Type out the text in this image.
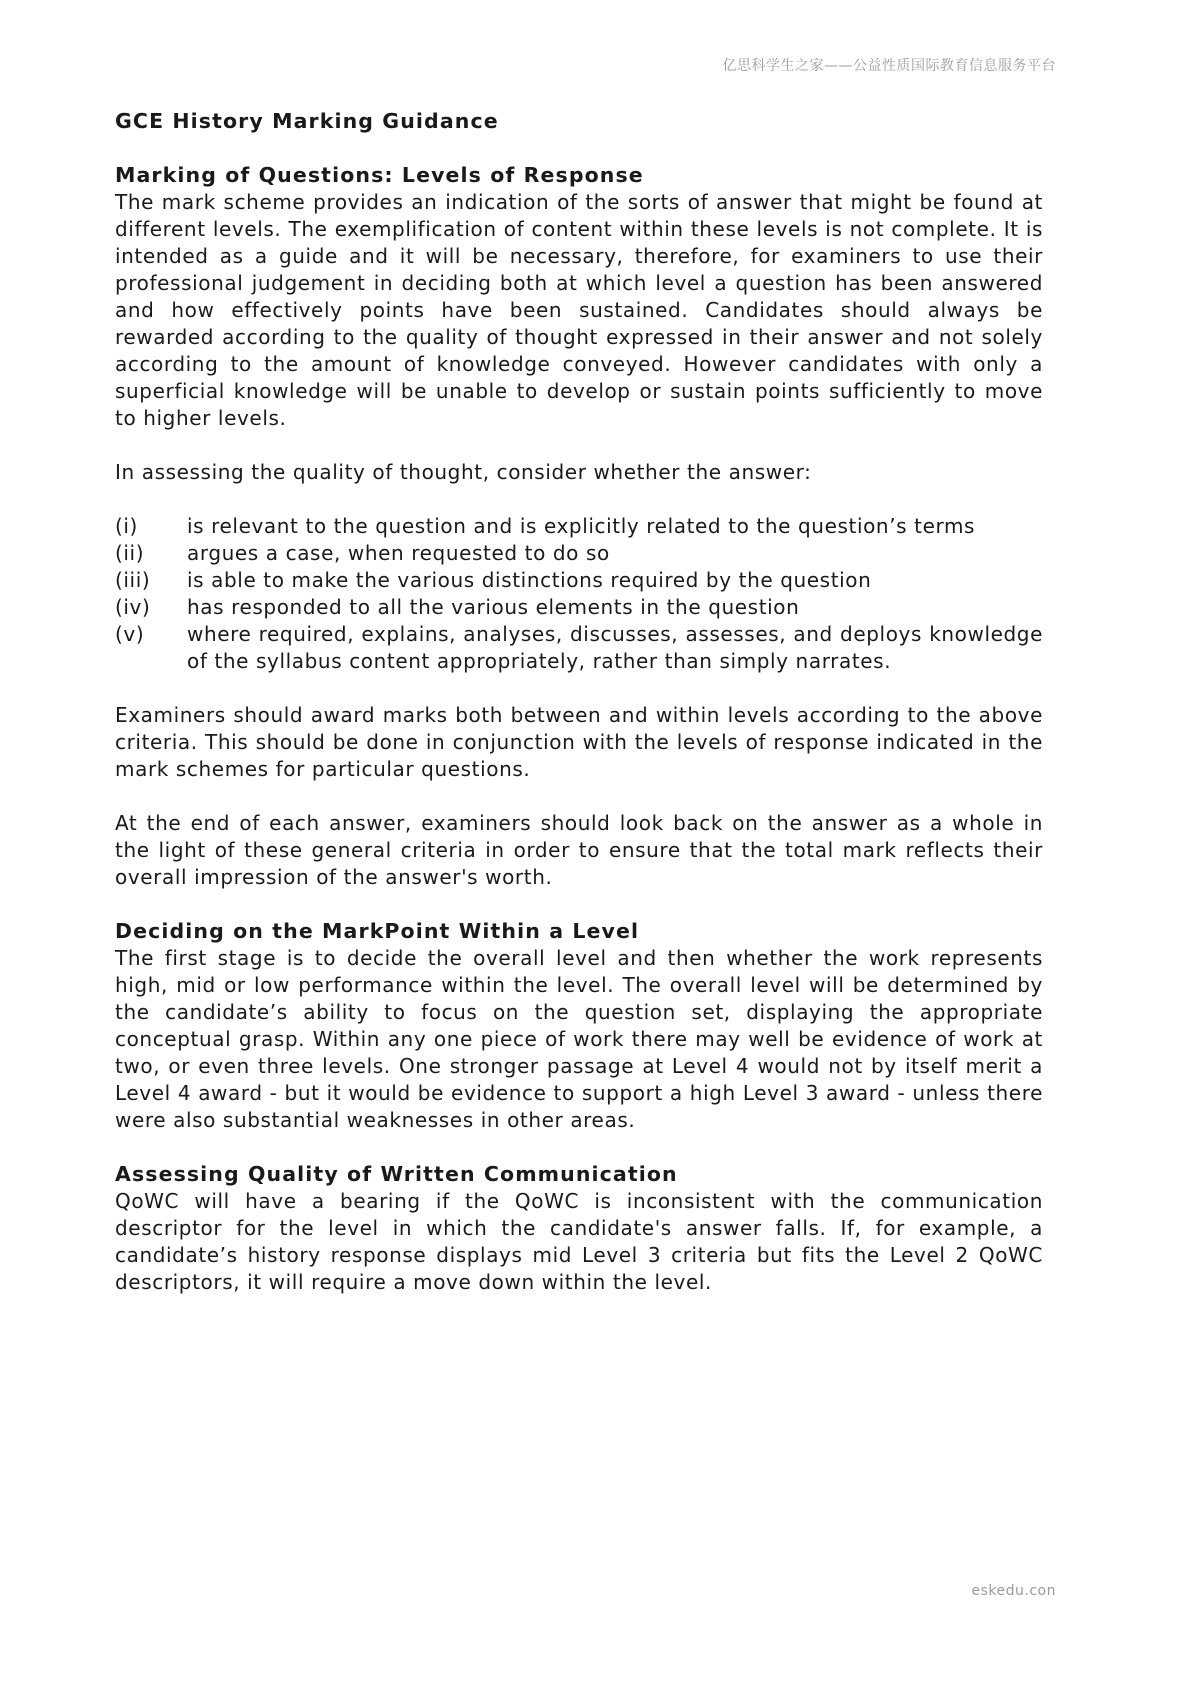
亿思科学生之家——公益性质国际教育信息服务平台
GCE History Marking Guidance
Marking of Questions: Levels of Response

The mark scheme provides an indication of the sorts of answer that might be found at different levels. The exemplification of content within these levels is not complete. It is intended as a guide and it will be necessary, therefore, for examiners to use their professional judgement in deciding both at which level a question has been answered and how effectively points have been sustained. Candidates should always be rewarded according to the quality of thought expressed in their answer and not solely according to the amount of knowledge conveyed. However candidates with only a superficial knowledge will be unable to develop or sustain points sufficiently to move to higher levels.

In assessing the quality of thought, consider whether the answer:

(i)	is relevant to the question and is explicitly related to the question’s terms
(ii)	argues a case, when requested to do so
(iii)	is able to make the various distinctions required by the question
(iv)	has responded to all the various elements in the question
(v)	where required, explains, analyses, discusses, assesses, and deploys knowledge of the syllabus content appropriately, rather than simply narrates.

Examiners should award marks both between and within levels according to the above criteria. This should be done in conjunction with the levels of response indicated in the mark schemes for particular questions.

At the end of each answer, examiners should look back on the answer as a whole in the light of these general criteria in order to ensure that the total mark reflects their overall impression of the answer's worth.

Deciding on the MarkPoint Within a Level

The first stage is to decide the overall level and then whether the work represents high, mid or low performance within the level. The overall level will be determined by the candidate’s ability to focus on the question set, displaying the appropriate conceptual grasp. Within any one piece of work there may well be evidence of work at two, or even three levels. One stronger passage at Level 4 would not by itself merit a Level 4 award - but it would be evidence to support a high Level 3 award - unless there were also substantial weaknesses in other areas.

Assessing Quality of Written Communication

QoWC will have a bearing if the QoWC is inconsistent with the communication descriptor for the level in which the candidate's answer falls. If, for example, a candidate’s history response displays mid Level 3 criteria but fits the Level 2 QoWC descriptors, it will require a move down within the level.

eskedu.con
